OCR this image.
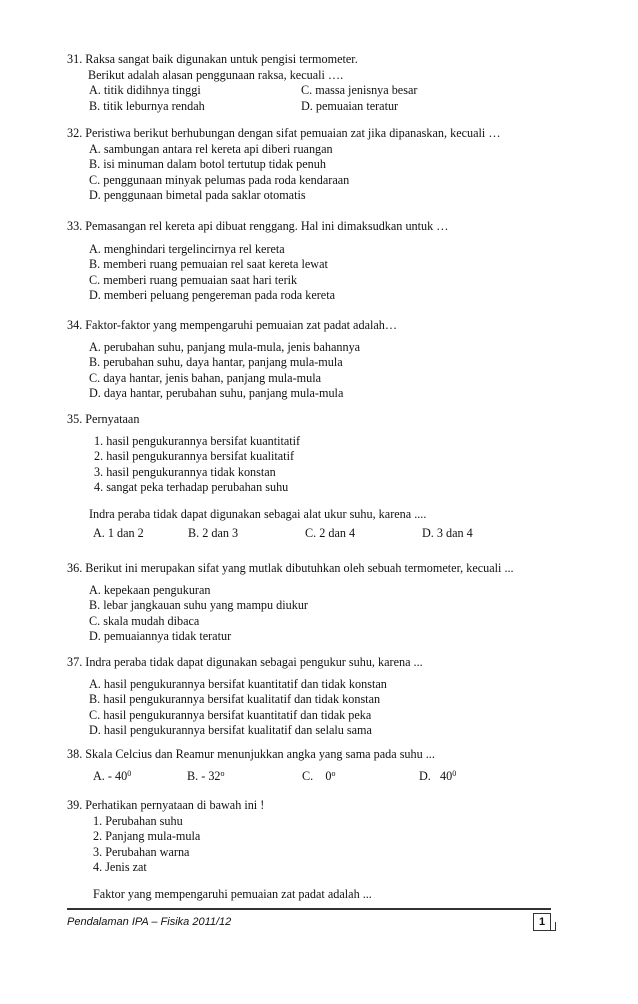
31. Raksa sangat baik digunakan untuk pengisi termometer.
Berikut adalah alasan penggunaan raksa, kecuali ….
A. titik didihnya tinggi	C. massa jenisnya besar
B. titik leburnya rendah	D. pemuaian teratur
32. Peristiwa berikut berhubungan dengan sifat pemuaian zat jika dipanaskan, kecuali …
A. sambungan antara rel kereta api diberi ruangan
B. isi minuman dalam botol tertutup tidak penuh
C. penggunaan minyak pelumas pada roda kendaraan
D. penggunaan bimetal pada saklar otomatis
33. Pemasangan rel kereta api dibuat renggang. Hal ini dimaksudkan untuk …
A. menghindari tergelincirnya rel kereta
B. memberi ruang pemuaian rel saat kereta lewat
C. memberi ruang pemuaian saat hari terik
D. memberi peluang pengereman pada roda kereta
34. Faktor-faktor yang mempengaruhi pemuaian zat padat adalah…
A. perubahan suhu, panjang mula-mula, jenis bahannya
B. perubahan suhu, daya hantar, panjang mula-mula
C. daya hantar, jenis bahan, panjang mula-mula
D. daya hantar, perubahan suhu, panjang mula-mula
35. Pernyataan
1. hasil pengukurannya bersifat kuantitatif
2. hasil pengukurannya bersifat kualitatif
3. hasil pengukurannya tidak konstan
4. sangat peka terhadap perubahan suhu
Indra peraba tidak dapat digunakan sebagai alat ukur suhu, karena ....
A. 1 dan 2	B. 2 dan 3	C. 2 dan 4	D. 3 dan 4
36. Berikut ini merupakan sifat yang mutlak dibutuhkan oleh sebuah termometer, kecuali ...
A. kepekaan pengukuran
B. lebar jangkauan suhu yang mampu diukur
C. skala mudah dibaca
D. pemuaiannya tidak teratur
37. Indra peraba tidak dapat digunakan sebagai pengukur suhu, karena ...
A. hasil pengukurannya bersifat kuantitatif dan tidak konstan
B. hasil pengukurannya bersifat kualitatif dan tidak konstan
C. hasil pengukurannya bersifat kuantitatif dan tidak peka
D. hasil pengukurannya bersifat kualitatif dan selalu sama
38. Skala Celcius dan Reamur menunjukkan angka yang sama pada suhu ...
A. - $40^0$	B. - 32$^o$	C.    0$^o$	D.   $40^0$
39. Perhatikan pernyataan di bawah ini !
1. Perubahan suhu
2. Panjang mula-mula
3. Perubahan warna
4. Jenis zat
Faktor yang mempengaruhi pemuaian zat padat adalah ...
Pendalaman IPA – Fisika 2011/12	1
